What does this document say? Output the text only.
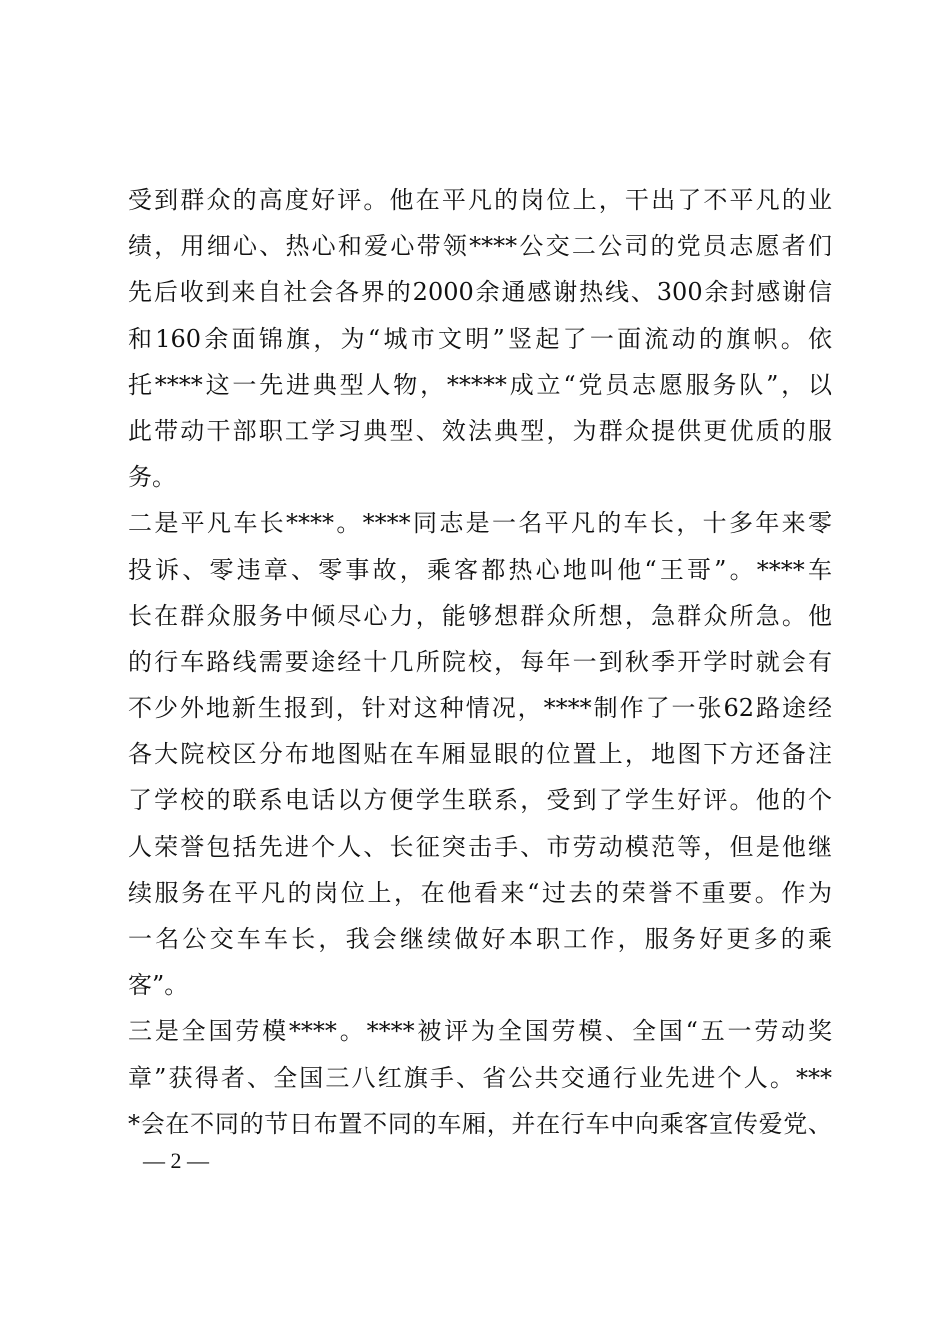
受到群众的高度好评。他在平凡的岗位上，干出了不平凡的业
绩，用细心、热心和爱心带领****公交二公司的党员志愿者们
先后收到来自社会各界的2000余通感谢热线、300余封感谢信
和160余面锦旗，为“城市文明”竖起了一面流动的旗帜。依
托****这一先进典型人物，*****成立“党员志愿服务队”，以
此带动干部职工学习典型、效法典型，为群众提供更优质的服
务。
二是平凡车长****。****同志是一名平凡的车长，十多年来零
投诉、零违章、零事故，乘客都热心地叫他“王哥”。****车
长在群众服务中倾尽心力，能够想群众所想，急群众所急。他
的行车路线需要途经十几所院校，每年一到秋季开学时就会有
不少外地新生报到，针对这种情况，****制作了一张62路途经
各大院校区分布地图贴在车厢显眼的位置上，地图下方还备注
了学校的联系电话以方便学生联系，受到了学生好评。他的个
人荣誉包括先进个人、长征突击手、市劳动模范等，但是他继
续服务在平凡的岗位上，在他看来“过去的荣誉不重要。作为
一名公交车车长，我会继续做好本职工作，服务好更多的乘
客”。
三是全国劳模****。****被评为全国劳模、全国“五一劳动奖
章”获得者、全国三八红旗手、省公共交通行业先进个人。***
*会在不同的节日布置不同的车厢，并在行车中向乘客宣传爱党、
— 2 —
